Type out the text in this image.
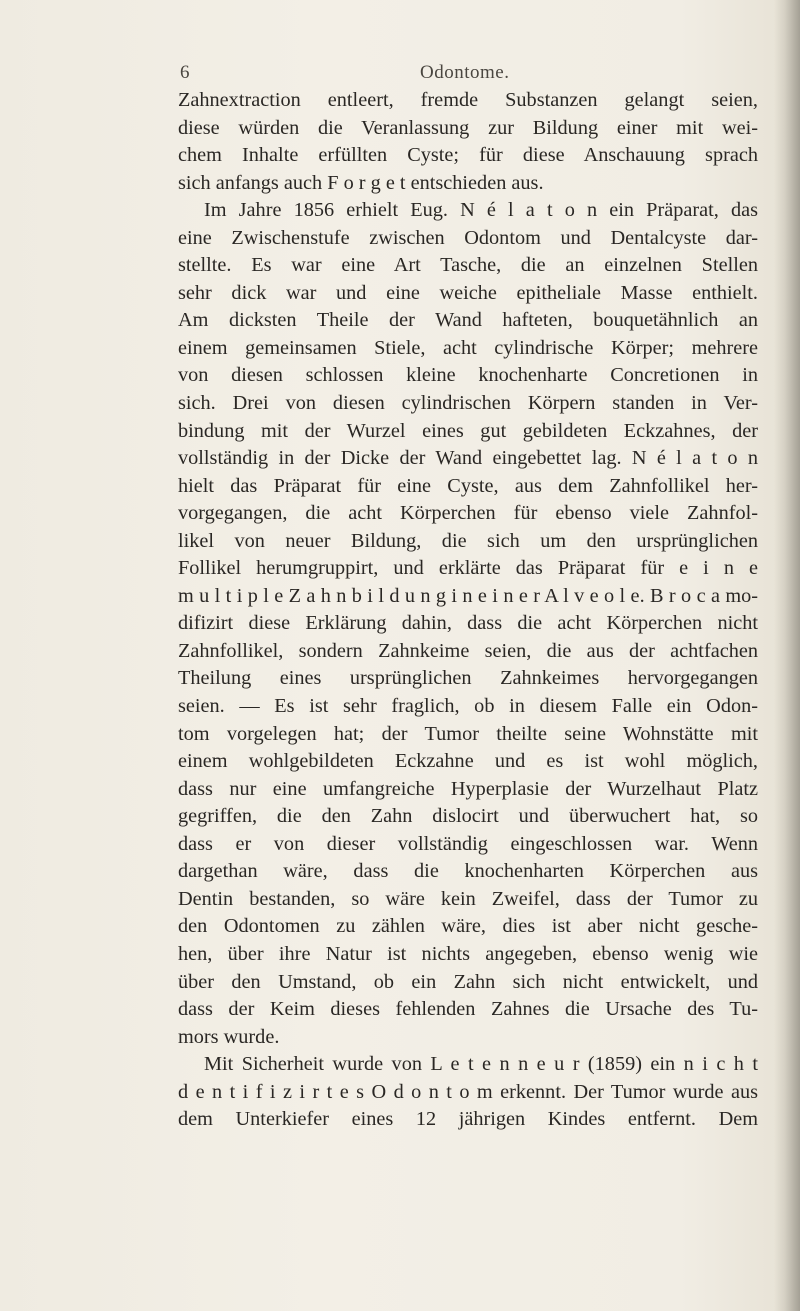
6	Odontome.
Zahnextraction entleert, fremde Substanzen gelangt seien,
diese würden die Veranlassung zur Bildung einer mit wei-
chem Inhalte erfüllten Cyste; für diese Anschauung sprach
sich anfangs auch F o r g e t entschieden aus.
Im Jahre 1856 erhielt Eug. N é l a t o n ein Präparat, das
eine Zwischenstufe zwischen Odontom und Dentalcyste dar-
stellte. Es war eine Art Tasche, die an einzelnen Stellen
sehr dick war und eine weiche epitheliale Masse enthielt.
Am dicksten Theile der Wand hafteten, bouquetähnlich an
einem gemeinsamen Stiele, acht cylindrische Körper; mehrere
von diesen schlossen kleine knochenharte Concretionen in
sich. Drei von diesen cylindrischen Körpern standen in Ver-
bindung mit der Wurzel eines gut gebildeten Eckzahnes, der
vollständig in der Dicke der Wand eingebettet lag. N é l a t o n
hielt das Präparat für eine Cyste, aus dem Zahnfollikel her-
vorgegangen, die acht Körperchen für ebenso viele Zahnfol-
likel von neuer Bildung, die sich um den ursprünglichen
Follikel herumgruppirt, und erklärte das Präparat für e i n e
m u l t i p l e Z a h n b i l d u n g i n e i n e r A l v e o l e. B r o c a mo-
difizirt diese Erklärung dahin, dass die acht Körperchen nicht
Zahnfollikel, sondern Zahnkeime seien, die aus der achtfachen
Theilung eines ursprünglichen Zahnkeimes hervorgegangen
seien. — Es ist sehr fraglich, ob in diesem Falle ein Odon-
tom vorgelegen hat; der Tumor theilte seine Wohnstätte mit
einem wohlgebildeten Eckzahne und es ist wohl möglich,
dass nur eine umfangreiche Hyperplasie der Wurzelhaut Platz
gegriffen, die den Zahn dislocirt und überwuchert hat, so
dass er von dieser vollständig eingeschlossen war. Wenn
dargethan wäre, dass die knochenharten Körperchen aus
Dentin bestanden, so wäre kein Zweifel, dass der Tumor zu
den Odontomen zu zählen wäre, dies ist aber nicht gesche-
hen, über ihre Natur ist nichts angegeben, ebenso wenig wie
über den Umstand, ob ein Zahn sich nicht entwickelt, und
dass der Keim dieses fehlenden Zahnes die Ursache des Tu-
mors wurde.
Mit Sicherheit wurde von L e t e n n e u r (1859) ein n i c h t
d e n t i f i z i r t e s O d o n t o m erkennt. Der Tumor wurde aus
dem Unterkiefer eines 12 jährigen Kindes entfernt. Dem
